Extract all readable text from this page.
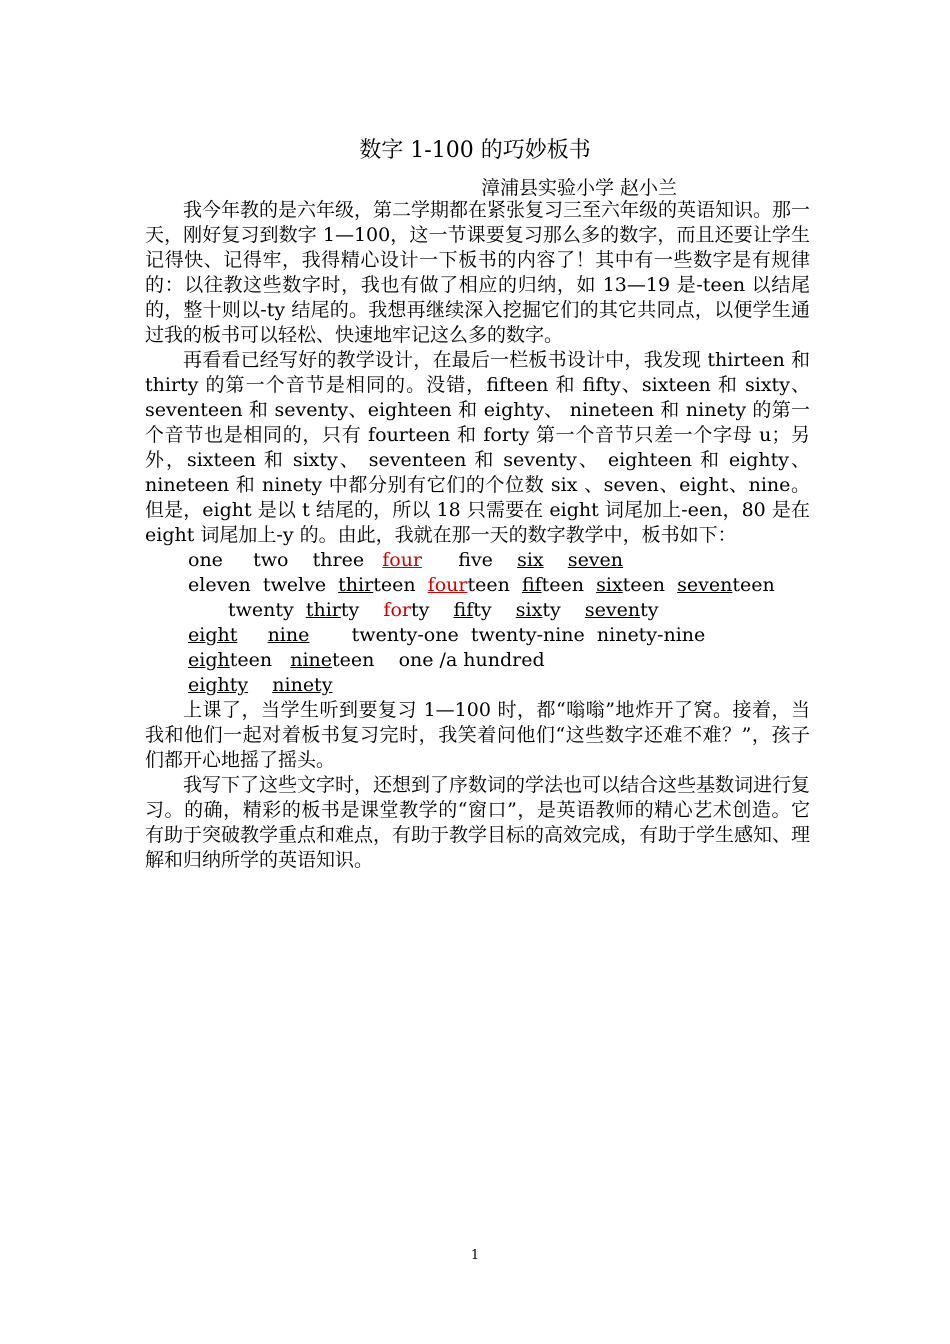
数字 1-100 的巧妙板书
漳浦县实验小学 赵小兰

我今年教的是六年级，第二学期都在紧张复习三至六年级的英语知识。那一天，刚好复习到数字 1—100，这一节课要复习那么多的数字，而且还要让学生记得快、记得牢，我得精心设计一下板书的内容了！其中有一些数字是有规律的：以往教这些数字时，我也有做了相应的归纳，如 13—19 是-teen 以结尾的，整十则以-ty 结尾的。我想再继续深入挖掘它们的其它共同点，以便学生通过我的板书可以轻松、快速地牢记这么多的数字。

再看看已经写好的教学设计，在最后一栏板书设计中，我发现 thirteen 和 thirty 的第一个音节是相同的。没错，fifteen 和 fifty、sixteen 和 sixty、 seventeen 和 seventy、eighteen 和 eighty、 nineteen 和 ninety 的第一个音节也是相同的，只有 fourteen 和 forty 第一个音节只差一个字母 u；另外，sixteen 和 sixty、 seventeen 和 seventy、 eighteen 和 eighty、 nineteen 和 ninety 中都分别有它们的个位数 six 、seven、eight、nine。但是，eight 是以 t 结尾的，所以 18 只需要在 eight 词尾加上-een，80 是在 eight 词尾加上-y 的。由此，我就在那一天的数字教学中，板书如下：

one two three four five six seven
eleven twelve thirteen fourteen fifteen sixteen seventeen
twenty thirty forty fifty sixty seventy
eight nine twenty-one twenty-nine ninety-nine
eighteen nineteen one /a hundred
eighty ninety

上课了，当学生听到要复习 1—100 时，都“嗡嗡”地炸开了窝。接着，当我和他们一起对着板书复习完时，我笑着问他们“这些数字还难不难？”，孩子们都开心地摇了摇头。

我写下了这些文字时，还想到了序数词的学法也可以结合这些基数词进行复习。的确，精彩的板书是课堂教学的“窗口”，是英语教师的精心艺术创造。它有助于突破教学重点和难点，有助于教学目标的高效完成，有助于学生感知、理解和归纳所学的英语知识。

1
